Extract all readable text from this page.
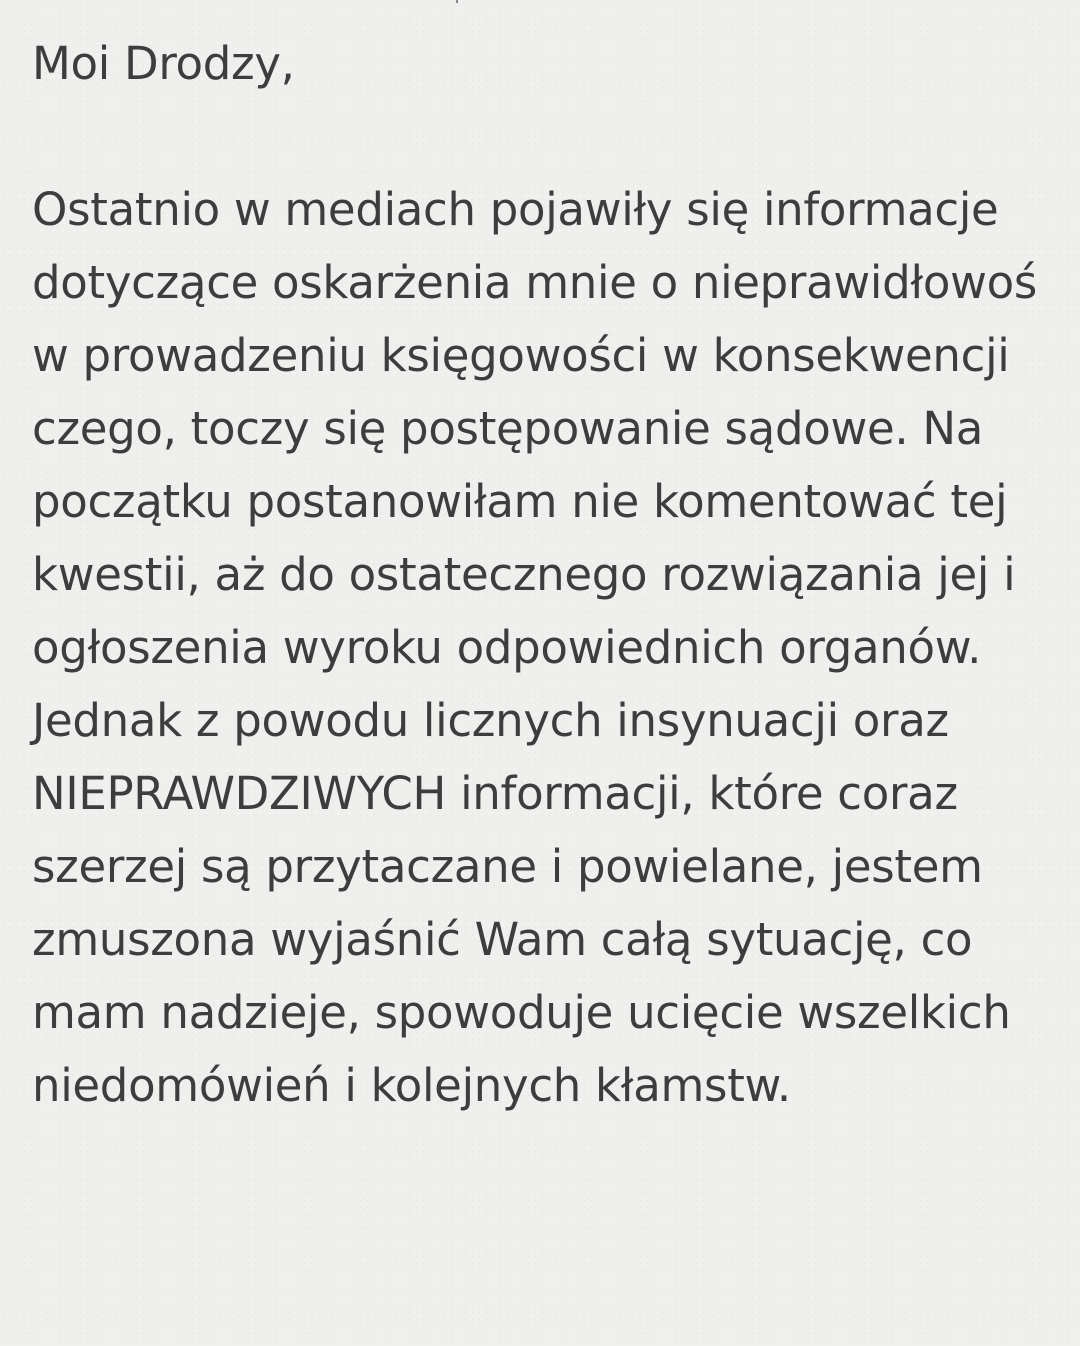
Moi Drodzy,
Ostatnio w mediach pojawiły się informacje
dotyczące oskarżenia mnie o nieprawidłowoś
w prowadzeniu księgowości w konsekwencji
czego, toczy się postępowanie sądowe. Na
początku postanowiłam nie komentować tej
kwestii, aż do ostatecznego rozwiązania jej i
ogłoszenia wyroku odpowiednich organów.
Jednak z powodu licznych insynuacji oraz
NIEPRAWDZIWYCH informacji, które coraz
szerzej są przytaczane i powielane, jestem
zmuszona wyjaśnić Wam całą sytuację, co
mam nadzieje, spowoduje ucięcie wszelkich
niedomówień i kolejnych kłamstw.
